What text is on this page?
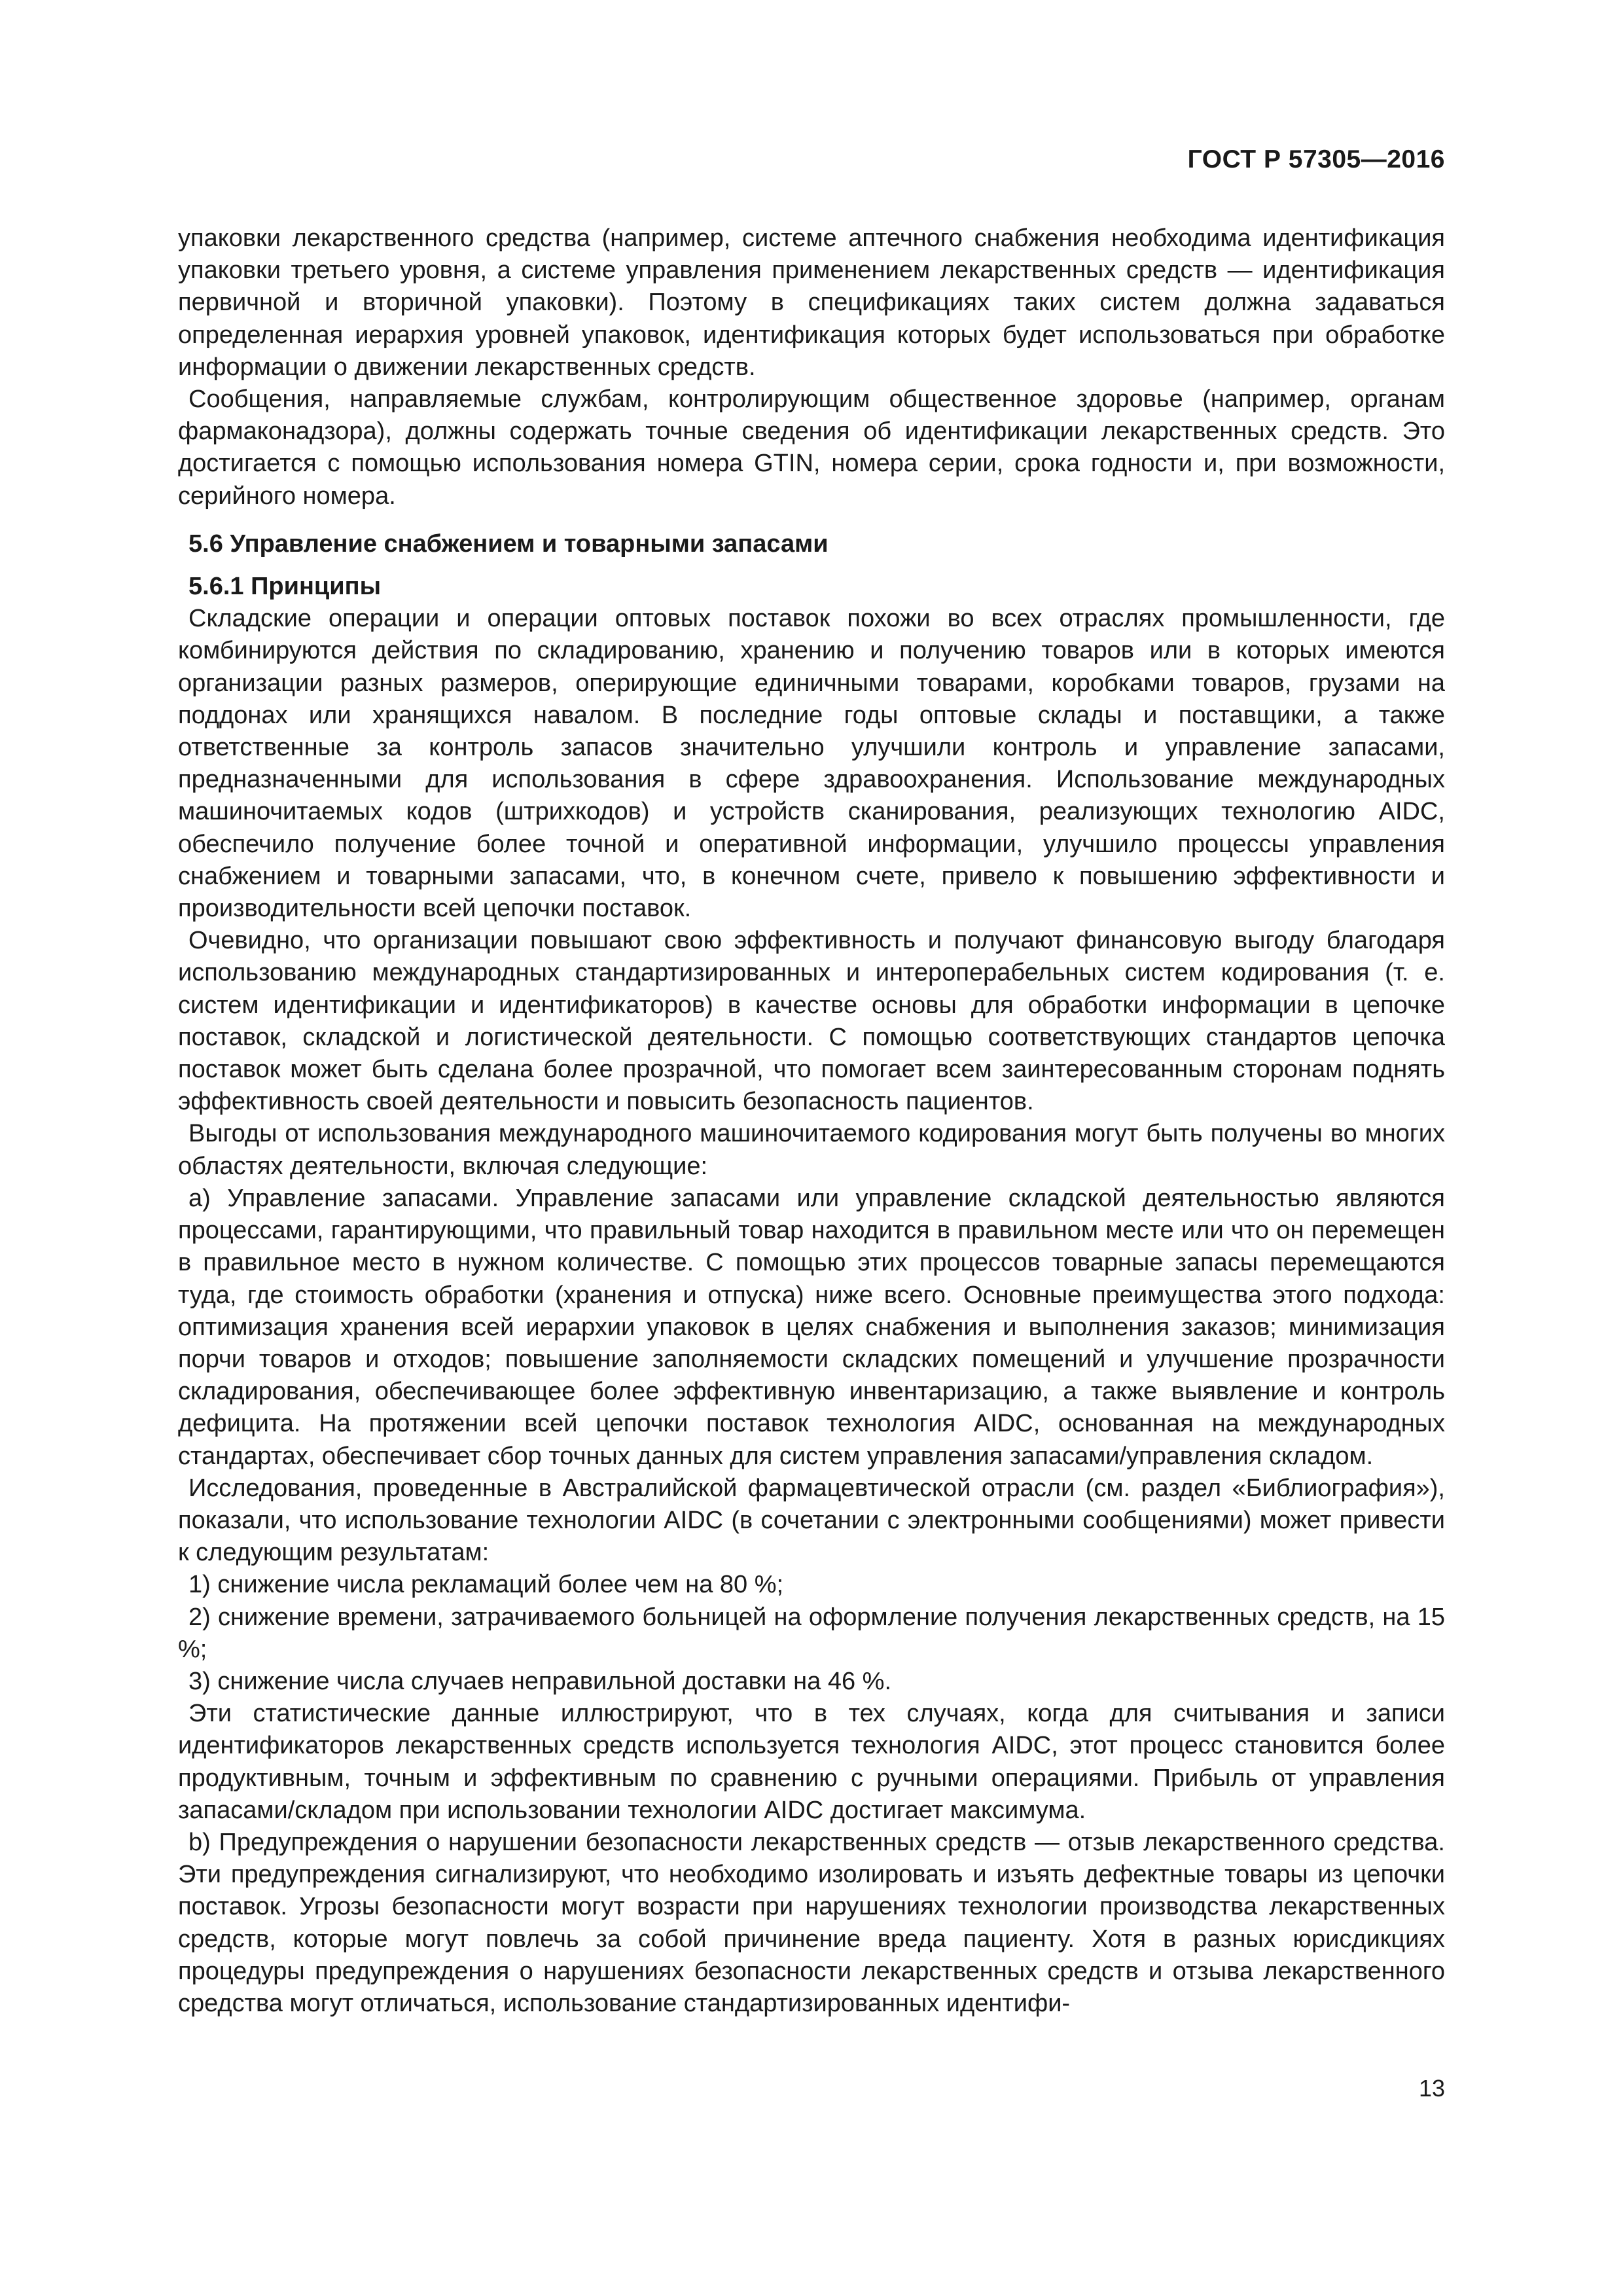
ГОСТ Р 57305—2016

упаковки лекарственного средства (например, системе аптечного снабжения необходима идентификация упаковки третьего уровня, а системе управления применением лекарственных средств — идентификация первичной и вторичной упаковки). Поэтому в спецификациях таких систем должна задаваться определенная иерархия уровней упаковок, идентификация которых будет использоваться при обработке информации о движении лекарственных средств.

Сообщения, направляемые службам, контролирующим общественное здоровье (например, органам фармаконадзора), должны содержать точные сведения об идентификации лекарственных средств. Это достигается с помощью использования номера GTIN, номера серии, срока годности и, при возможности, серийного номера.

5.6 Управление снабжением и товарными запасами
5.6.1 Принципы

Складские операции и операции оптовых поставок похожи во всех отраслях промышленности, где комбинируются действия по складированию, хранению и получению товаров или в которых имеются организации разных размеров, оперирующие единичными товарами, коробками товаров, грузами на поддонах или хранящихся навалом. В последние годы оптовые склады и поставщики, а также ответственные за контроль запасов значительно улучшили контроль и управление запасами, предназначенными для использования в сфере здравоохранения. Использование международных машиночитаемых кодов (штрихкодов) и устройств сканирования, реализующих технологию AIDC, обеспечило получение более точной и оперативной информации, улучшило процессы управления снабжением и товарными запасами, что, в конечном счете, привело к повышению эффективности и производительности всей цепочки поставок.

Очевидно, что организации повышают свою эффективность и получают финансовую выгоду благодаря использованию международных стандартизированных и интероперабельных систем кодирования (т. е. систем идентификации и идентификаторов) в качестве основы для обработки информации в цепочке поставок, складской и логистической деятельности. С помощью соответствующих стандартов цепочка поставок может быть сделана более прозрачной, что помогает всем заинтересованным сторонам поднять эффективность своей деятельности и повысить безопасность пациентов.

Выгоды от использования международного машиночитаемого кодирования могут быть получены во многих областях деятельности, включая следующие:

а) Управление запасами. Управление запасами или управление складской деятельностью являются процессами, гарантирующими, что правильный товар находится в правильном месте или что он перемещен в правильное место в нужном количестве. С помощью этих процессов товарные запасы перемещаются туда, где стоимость обработки (хранения и отпуска) ниже всего. Основные преимущества этого подхода: оптимизация хранения всей иерархии упаковок в целях снабжения и выполнения заказов; минимизация порчи товаров и отходов; повышение заполняемости складских помещений и улучшение прозрачности складирования, обеспечивающее более эффективную инвентаризацию, а также выявление и контроль дефицита. На протяжении всей цепочки поставок технология AIDC, основанная на международных стандартах, обеспечивает сбор точных данных для систем управления запасами/управления складом.

Исследования, проведенные в Австралийской фармацевтической отрасли (см. раздел «Библиография»), показали, что использование технологии AIDC (в сочетании с электронными сообщениями) может привести к следующим результатам:

1) снижение числа рекламаций более чем на 80 %;

2) снижение времени, затрачиваемого больницей на оформление получения лекарственных средств, на 15 %;

3) снижение числа случаев неправильной доставки на 46 %.

Эти статистические данные иллюстрируют, что в тех случаях, когда для считывания и записи идентификаторов лекарственных средств используется технология AIDC, этот процесс становится более продуктивным, точным и эффективным по сравнению с ручными операциями. Прибыль от управления запасами/складом при использовании технологии AIDC достигает максимума.

b) Предупреждения о нарушении безопасности лекарственных средств — отзыв лекарственного средства. Эти предупреждения сигнализируют, что необходимо изолировать и изъять дефектные товары из цепочки поставок. Угрозы безопасности могут возрасти при нарушениях технологии производства лекарственных средств, которые могут повлечь за собой причинение вреда пациенту. Хотя в разных юрисдикциях процедуры предупреждения о нарушениях безопасности лекарственных средств и отзыва лекарственного средства могут отличаться, использование стандартизированных идентифи-

13
